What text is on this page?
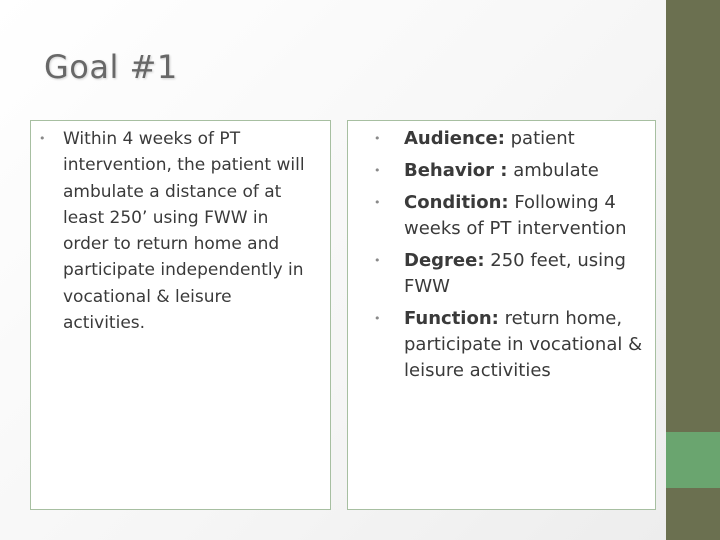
Goal #1
• Within 4 weeks of PT intervention, the patient will ambulate a distance of at least 250’ using FWW in order to return home and participate independently in vocational & leisure activities.
• Audience: patient
• Behavior : ambulate
• Condition: Following 4 weeks of PT intervention
• Degree: 250 feet, using FWW
• Function: return home, participate in vocational & leisure activities
